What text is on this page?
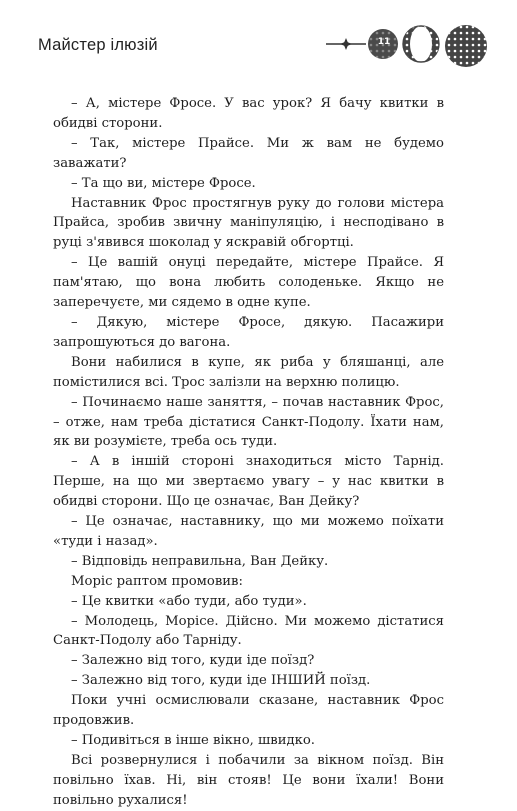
Майстер ілюзій	11

– А, містере Фросе. У вас урок? Я бачу квитки в обидві сторони.

– Так, містере Прайсе. Ми ж вам не будемо заважати?

– Та що ви, містере Фросе.

Наставник Фрос простягнув руку до голови містера Прайса, зробив звичну маніпуляцію, і несподівано в руці з'явився шоколад у яскравій обгортці.

– Це вашій онуці передайте, містере Прайсе. Я пам'ятаю, що вона любить солоденьке. Якщо не заперечуєте, ми сядемо в одне купе.

– Дякую, містере Фросе, дякую. Пасажири запрошуються до вагона.

Вони набилися в купе, як риба у бляшанці, але помістилися всі. Трос залізли на верхню полицю.

– Починаємо наше заняття, – почав наставник Фрос, – отже, нам треба дістатися Санкт-Подолу. Їхати нам, як ви розумієте, треба ось туди.

– А в іншій стороні знаходиться місто Тарнід. Перше, на що ми звертаємо увагу – у нас квитки в обидві сторони. Що це означає, Ван Дейку?

– Це означає, наставнику, що ми можемо поїхати «туди і назад».

– Відповідь неправильна, Ван Дейку.

Моріс раптом промовив:

– Це квитки «або туди, або туди».

– Молодець, Морісе. Дійсно. Ми можемо дістатися Санкт-Подолу або Тарніду.

– Залежно від того, куди іде поїзд?

– Залежно від того, куди іде ІНШИЙ поїзд.

Поки учні осмислювали сказане, наставник Фрос продовжив.

– Подивіться в інше вікно, швидко.

Всі розвернулися і побачили за вікном поїзд. Він повільно їхав. Ні, він стояв! Це вони їхали! Вони повільно рухалися!
